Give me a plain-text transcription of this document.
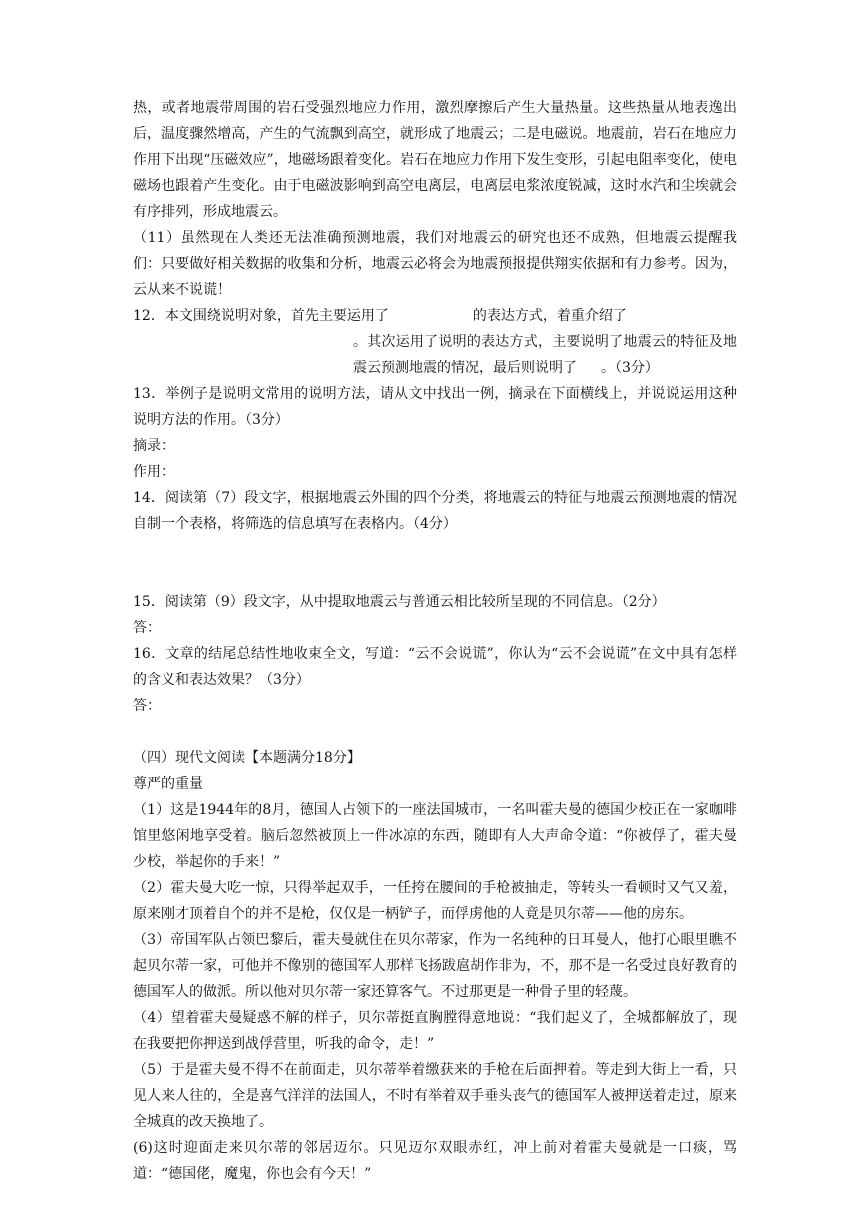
热，或者地震带周围的岩石受强烈地应力作用，激烈摩擦后产生大量热量。这些热量从地表逸出后，温度骤然增高，产生的气流飘到高空，就形成了地震云；二是电磁说。地震前，岩石在地应力作用下出现“压磁效应”，地磁场跟着变化。岩石在地应力作用下发生变形，引起电阻率变化，使电磁场也跟着产生变化。由于电磁波影响到高空电离层，电离层电浆浓度锐减，这时水汽和尘埃就会有序排列，形成地震云。

（11）虽然现在人类还无法准确预测地震，我们对地震云的研究也还不成熟，但地震云提醒我们：只要做好相关数据的收集和分析，地震云必将会为地震预报提供翔实依据和有力参考。因为，云从来不说谎！

12．本文围绕说明对象，首先主要运用了	的表达方式，着重介绍了
。其次运用了说明的表达方式，主要说明了地震云的特征及地震云预测地震的情况，最后则说明了	。（3分）

13．举例子是说明文常用的说明方法，请从文中找出一例，摘录在下面横线上，并说说运用这种说明方法的作用。（3分）

摘录：

作用：

14．阅读第（7）段文字，根据地震云外围的四个分类，将地震云的特征与地震云预测地震的情况自制一个表格，将筛选的信息填写在表格内。（4分）

15．阅读第（9）段文字，从中提取地震云与普通云相比较所呈现的不同信息。（2分）

答：

16．文章的结尾总结性地收束全文，写道：“云不会说谎”，你认为“云不会说谎”在文中具有怎样的含义和表达效果？（3分）

答：

（四）现代文阅读【本题满分18分】

尊严的重量

（1）这是1944年的8月，德国人占领下的一座法国城市，一名叫霍夫曼的德国少校正在一家咖啡馆里悠闲地享受着。脑后忽然被顶上一件冰凉的东西，随即有人大声命令道：“你被俘了，霍夫曼少校，举起你的手来！”

（2）霍夫曼大吃一惊，只得举起双手，一任挎在腰间的手枪被抽走，等转头一看顿时又气又羞，原来刚才顶着自个的并不是枪，仅仅是一柄铲子，而俘虏他的人竟是贝尔蒂——他的房东。

（3）帝国军队占领巴黎后，霍夫曼就住在贝尔蒂家，作为一名纯种的日耳曼人，他打心眼里瞧不起贝尔蒂一家，可他并不像别的德国军人那样飞扬跋扈胡作非为，不，那不是一名受过良好教育的德国军人的做派。所以他对贝尔蒂一家还算客气。不过那更是一种骨子里的轻蔑。

（4）望着霍夫曼疑惑不解的样子，贝尔蒂挺直胸膛得意地说：“我们起义了，全城都解放了，现在我要把你押送到战俘营里，听我的命令，走！”

（5）于是霍夫曼不得不在前面走，贝尔蒂举着缴获来的手枪在后面押着。等走到大街上一看，只见人来人往的，全是喜气洋洋的法国人，不时有举着双手垂头丧气的德国军人被押送着走过，原来全城真的改天换地了。

(6)这时迎面走来贝尔蒂的邻居迈尔。只见迈尔双眼赤红，冲上前对着霍夫曼就是一口痰，骂道：“德国佬，魔鬼，你也会有今天！”
